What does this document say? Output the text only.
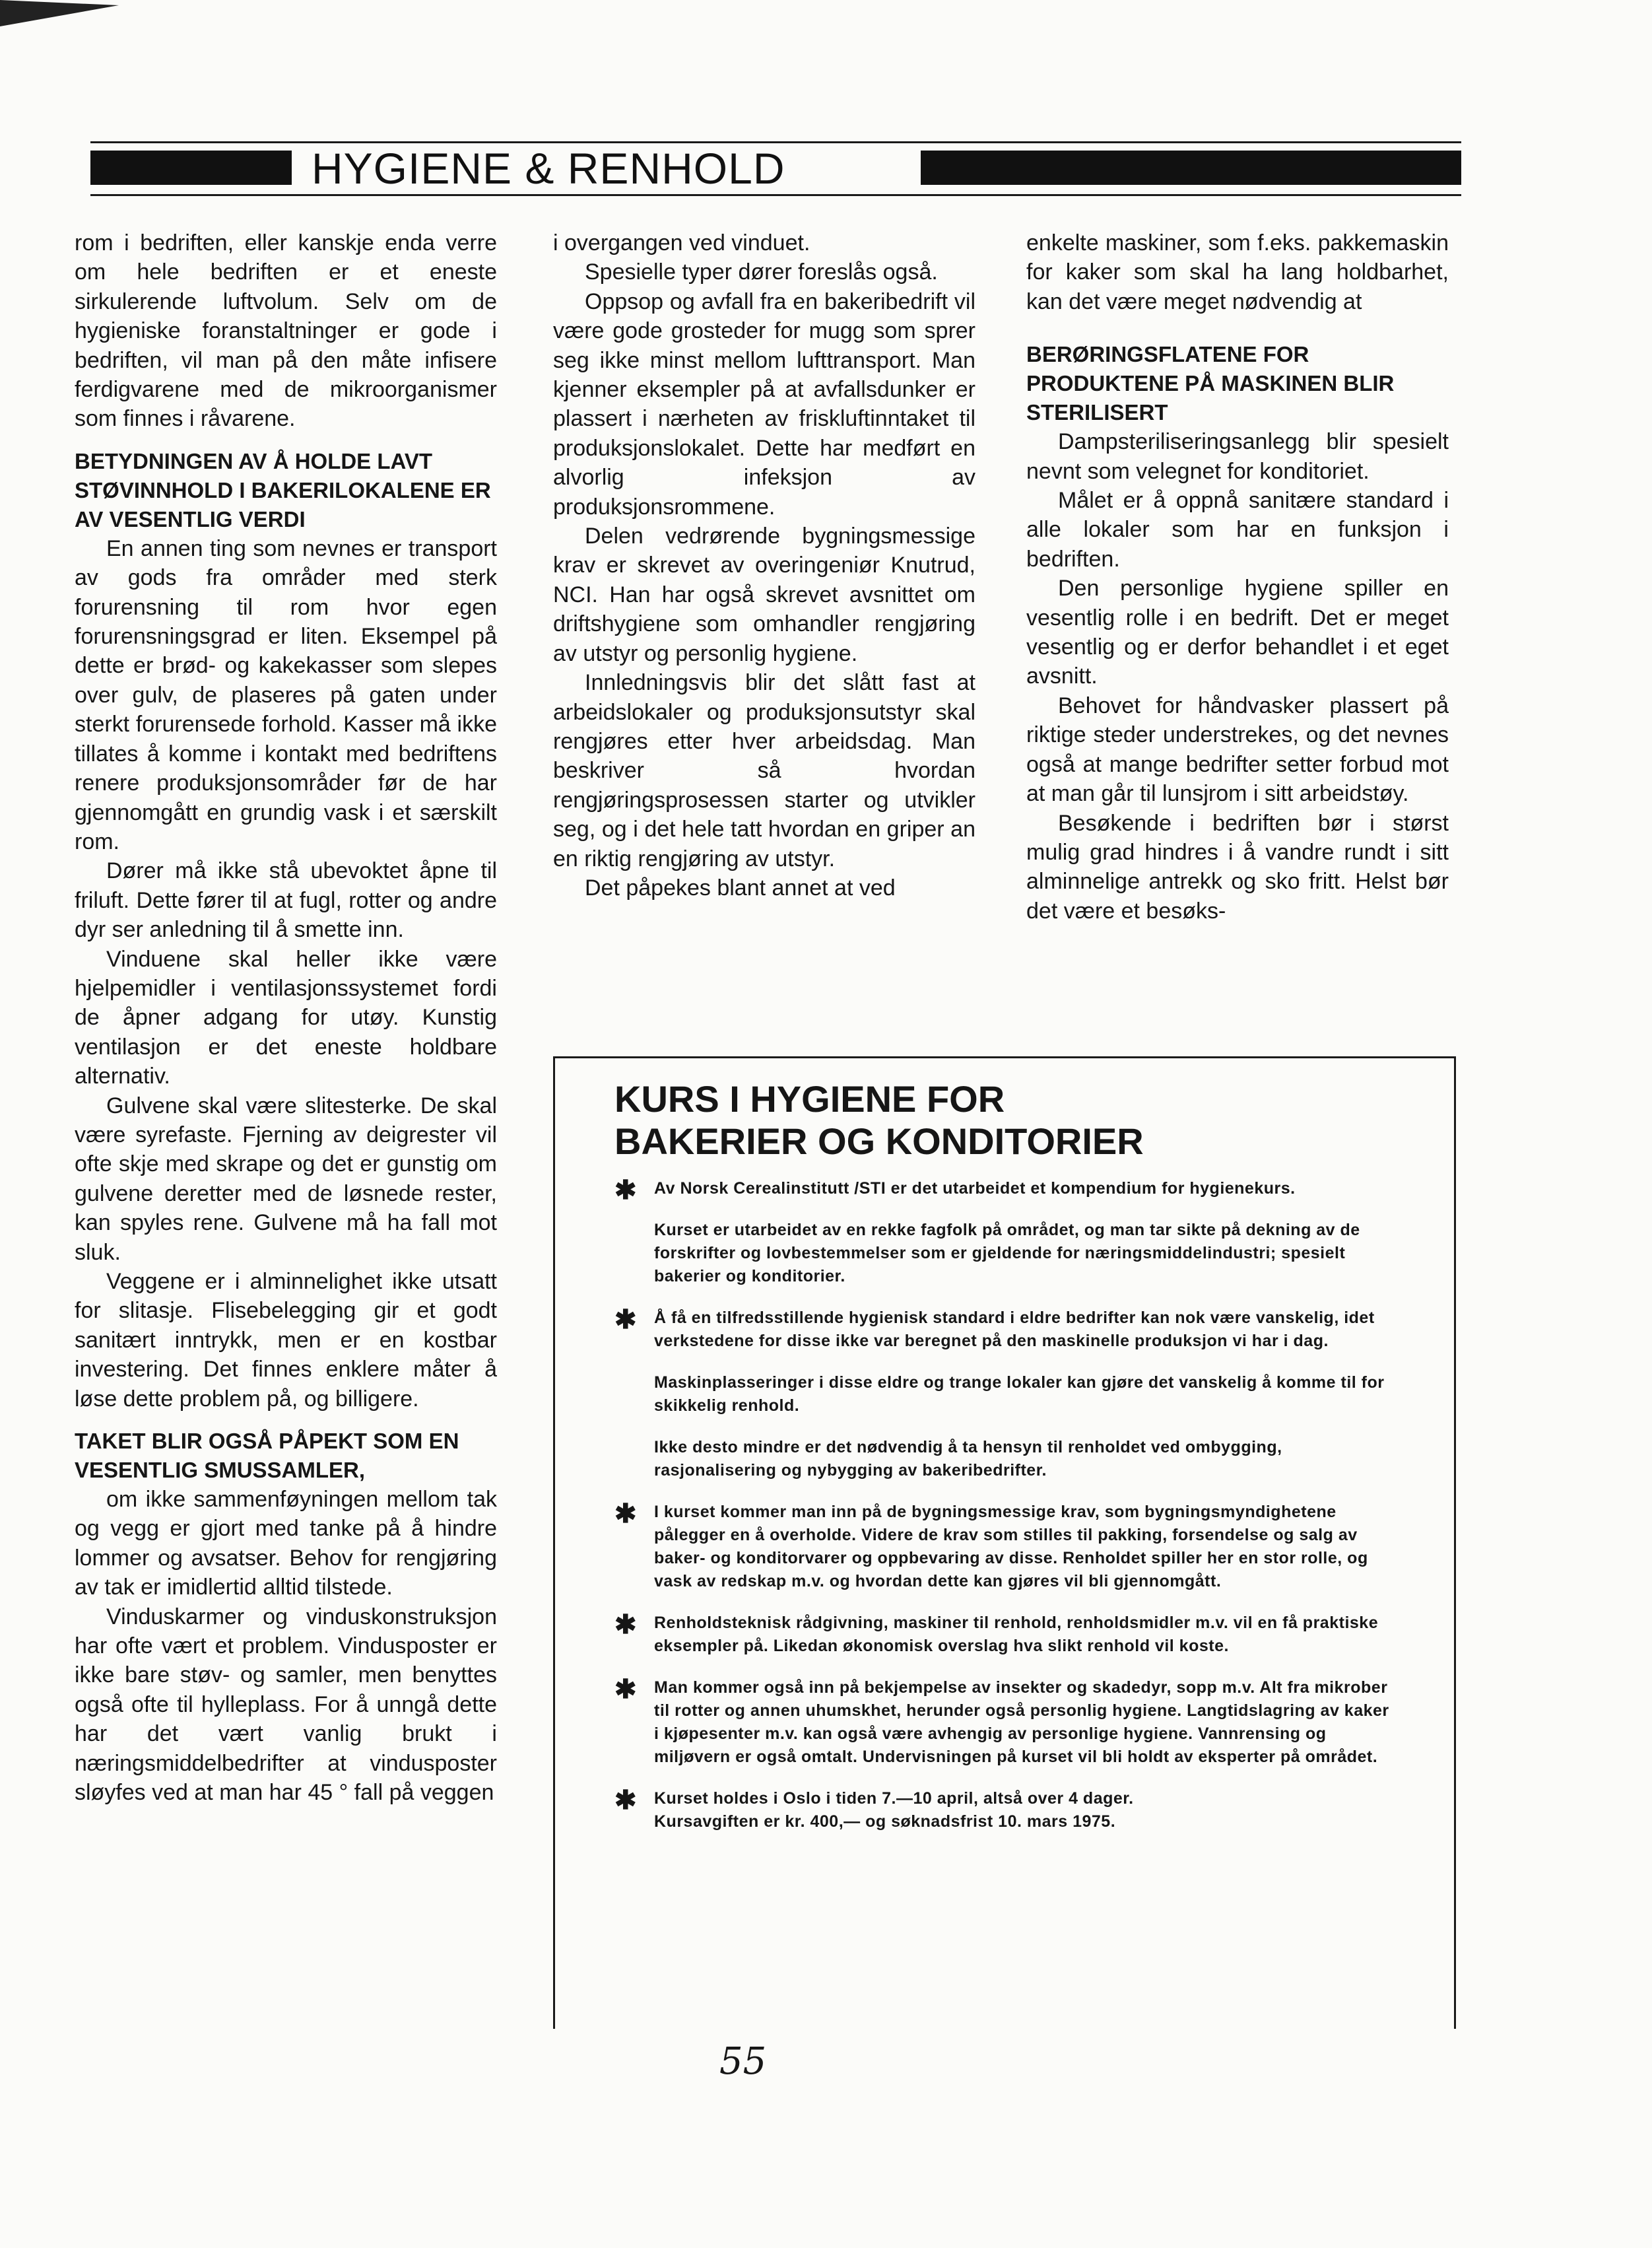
HYGIENE & RENHOLD

rom i bedriften, eller kanskje enda verre om hele bedriften er et eneste sirkulerende luftvolum. Selv om de hygieniske foranstaltninger er gode i bedriften, vil man på den måte infisere ferdigvarene med de mikroorganismer som finnes i råvarene.

BETYDNINGEN AV Å HOLDE LAVT STØVINNHOLD I BAKERILOKALENE ER AV VESENTLIG VERDI

En annen ting som nevnes er transport av gods fra områder med sterk forurensning til rom hvor egen forurensningsgrad er liten. Eksempel på dette er brød- og kakekasser som slepes over gulv, de plaseres på gaten under sterkt forurensede forhold. Kasser må ikke tillates å komme i kontakt med bedriftens renere produksjonsområder før de har gjennomgått en grundig vask i et særskilt rom.

Dører må ikke stå ubevoktet åpne til friluft. Dette fører til at fugl, rotter og andre dyr ser anledning til å smette inn.

Vinduene skal heller ikke være hjelpemidler i ventilasjonssystemet fordi de åpner adgang for utøy. Kunstig ventilasjon er det eneste holdbare alternativ.

Gulvene skal være slitesterke. De skal være syrefaste. Fjerning av deigrester vil ofte skje med skrape og det er gunstig om gulvene deretter med de løsnede rester, kan spyles rene. Gulvene må ha fall mot sluk.

Veggene er i alminnelighet ikke utsatt for slitasje. Flisebelegging gir et godt sanitært inntrykk, men er en kostbar investering. Det finnes enklere måter å løse dette problem på, og billigere.

TAKET BLIR OGSÅ PÅPEKT SOM EN VESENTLIG SMUSSAMLER,

om ikke sammenføyningen mellom tak og vegg er gjort med tanke på å hindre lommer og avsatser. Behov for rengjøring av tak er imidlertid alltid tilstede.

Vinduskarmer og vinduskonstruksjon har ofte vært et problem. Vindusposter er ikke bare støv- og samler, men benyttes også ofte til hylleplass. For å unngå dette har det vært vanlig brukt i næringsmiddelbedrifter at vindusposter sløyfes ved at man har 45 ° fall på veggen

i overgangen ved vinduet.

Spesielle typer dører foreslås også.

Oppsop og avfall fra en bakeribedrift vil være gode grosteder for mugg som sprer seg ikke minst mellom lufttransport. Man kjenner eksempler på at avfallsdunker er plassert i nærheten av friskluftinntaket til produksjonslokalet. Dette har medført en alvorlig infeksjon av produksjonsrommene.

Delen vedrørende bygningsmessige krav er skrevet av overingeniør Knutrud, NCI. Han har også skrevet avsnittet om driftshygiene som omhandler rengjøring av utstyr og personlig hygiene.

Innledningsvis blir det slått fast at arbeidslokaler og produksjonsutstyr skal rengjøres etter hver arbeidsdag. Man beskriver så hvordan rengjøringsprosessen starter og utvikler seg, og i det hele tatt hvordan en griper an en riktig rengjøring av utstyr.

Det påpekes blant annet at ved

enkelte maskiner, som f.eks. pakkemaskin for kaker som skal ha lang holdbarhet, kan det være meget nødvendig at

BERØRINGSFLATENE FOR PRODUKTENE PÅ MASKINEN BLIR STERILISERT

Dampsteriliseringsanlegg blir spesielt nevnt som velegnet for konditoriet.

Målet er å oppnå sanitære standard i alle lokaler som har en funksjon i bedriften.

Den personlige hygiene spiller en vesentlig rolle i en bedrift. Det er meget vesentlig og er derfor behandlet i et eget avsnitt.

Behovet for håndvasker plassert på riktige steder understrekes, og det nevnes også at mange bedrifter setter forbud mot at man går til lunsjrom i sitt arbeidstøy.

Besøkende i bedriften bør i størst mulig grad hindres i å vandre rundt i sitt alminnelige antrekk og sko fritt. Helst bør det være et besøks-

KURS I HYGIENE FOR
BAKERIER OG KONDITORIER
✱ Av Norsk Cerealinstitutt /STI er det utarbeidet et kompendium for hygienekurs.

Kurset er utarbeidet av en rekke fagfolk på området, og man tar sikte på dekning av de forskrifter og lovbestemmelser som er gjeldende for næringsmiddelindustri; spesielt bakerier og konditorier.

✱ Å få en tilfredsstillende hygienisk standard i eldre bedrifter kan nok være vanskelig, idet verkstedene for disse ikke var beregnet på den maskinelle produksjon vi har i dag.

Maskinplasseringer i disse eldre og trange lokaler kan gjøre det vanskelig å komme til for skikkelig renhold.

Ikke desto mindre er det nødvendig å ta hensyn til renholdet ved ombygging, rasjonalisering og nybygging av bakeribedrifter.

✱ I kurset kommer man inn på de bygningsmessige krav, som bygningsmyndighetene pålegger en å overholde. Videre de krav som stilles til pakking, forsendelse og salg av baker- og konditorvarer og oppbevaring av disse. Renholdet spiller her en stor rolle, og vask av redskap m.v. og hvordan dette kan gjøres vil bli gjennomgått.

✱ Renholdsteknisk rådgivning, maskiner til renhold, renholdsmidler m.v. vil en få praktiske eksempler på. Likedan økonomisk overslag hva slikt renhold vil koste.

✱ Man kommer også inn på bekjempelse av insekter og skadedyr, sopp m.v. Alt fra mikrober til rotter og annen uhumskhet, herunder også personlig hygiene. Langtidslagring av kaker i kjøpesenter m.v. kan også være avhengig av personlige hygiene. Vannrensing og miljøvern er også omtalt. Undervisningen på kurset vil bli holdt av eksperter på området.

✱ Kurset holdes i Oslo i tiden 7.—10 april, altså over 4 dager.
Kursavgiften er kr. 400,— og søknadsfrist 10. mars 1975.

55
